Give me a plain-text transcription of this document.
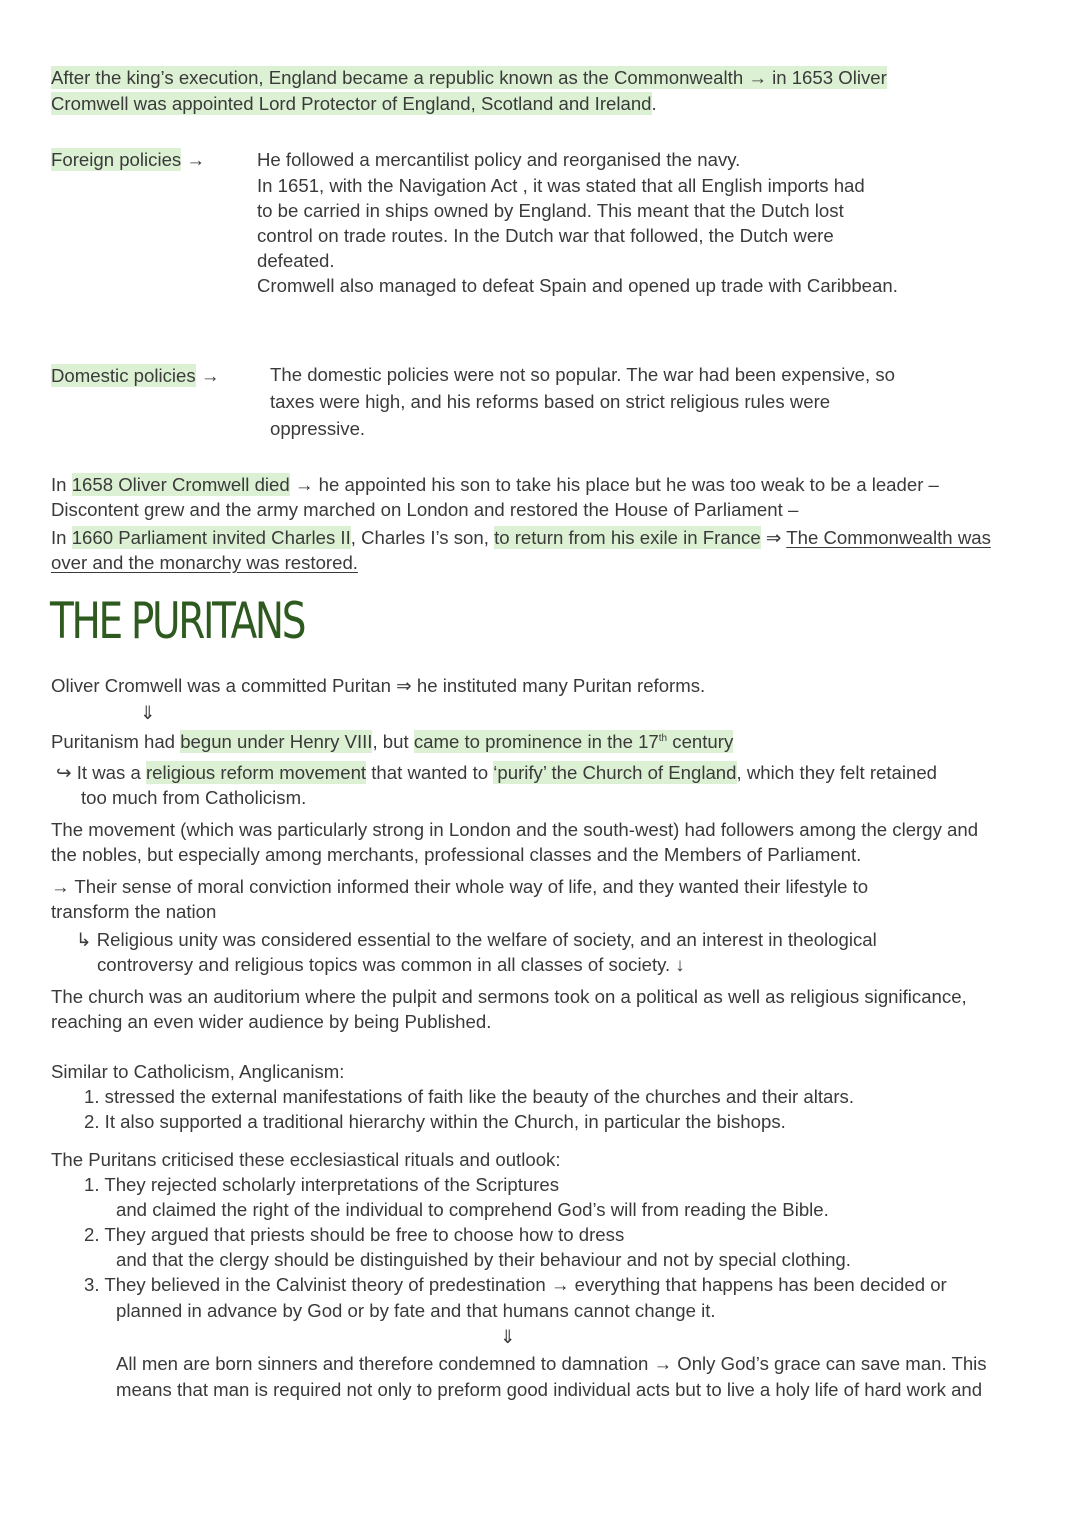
THE PURITANS
After the king’s execution, England became a republic known as the Commonwealth → in 1653 Oliver
Cromwell was appointed Lord Protector of England, Scotland and Ireland.
Foreign policies →	He followed a mercantilist policy and reorganised the navy.
In 1651, with the Navigation Act , it was stated that all English imports had
to be carried in ships owned by England. This meant that the Dutch lost
control on trade routes. In the Dutch war that followed, the Dutch were
defeated.
Cromwell also managed to defeat Spain and opened up trade with Caribbean.
Domestic policies →	The domestic policies were not so popular. The war had been expensive, so
taxes were high, and his reforms based on strict religious rules were
oppressive.
In 1658 Oliver Cromwell died → he appointed his son to take his place but he was too weak to be a leader –
Discontent grew and the army marched on London and restored the House of Parliament –
In 1660 Parliament invited Charles II, Charles I’s son, to return from his exile in France ⇒ The Commonwealth was
over and the monarchy was restored.
Oliver Cromwell was a committed Puritan ⇒ he instituted many Puritan reforms.
⇓
Puritanism had begun under Henry VIII, but came to prominence in the 17th century
↪ It was a religious reform movement that wanted to ‘purify’ the Church of England, which they felt retained
too much from Catholicism.
The movement (which was particularly strong in London and the south-west) had followers among the clergy and
the nobles, but especially among merchants, professional classes and the Members of Parliament.
→ Their sense of moral conviction informed their whole way of life, and they wanted their lifestyle to
transform the nation
↳ Religious unity was considered essential to the welfare of society, and an interest in theological
controversy and religious topics was common in all classes of society. ↓
The church was an auditorium where the pulpit and sermons took on a political as well as religious significance,
reaching an even wider audience by being Published.
Similar to Catholicism, Anglicanism:
1. stressed the external manifestations of faith like the beauty of the churches and their altars.
2. It also supported a traditional hierarchy within the Church, in particular the bishops.
The Puritans criticised these ecclesiastical rituals and outlook:
1. They rejected scholarly interpretations of the Scriptures
and claimed the right of the individual to comprehend God’s will from reading the Bible.
2. They argued that priests should be free to choose how to dress
and that the clergy should be distinguished by their behaviour and not by special clothing.
3. They believed in the Calvinist theory of predestination → everything that happens has been decided or
planned in advance by God or by fate and that humans cannot change it.
⇓
All men are born sinners and therefore condemned to damnation → Only God’s grace can save man. This
means that man is required not only to preform good individual acts but to live a holy life of hard work and
